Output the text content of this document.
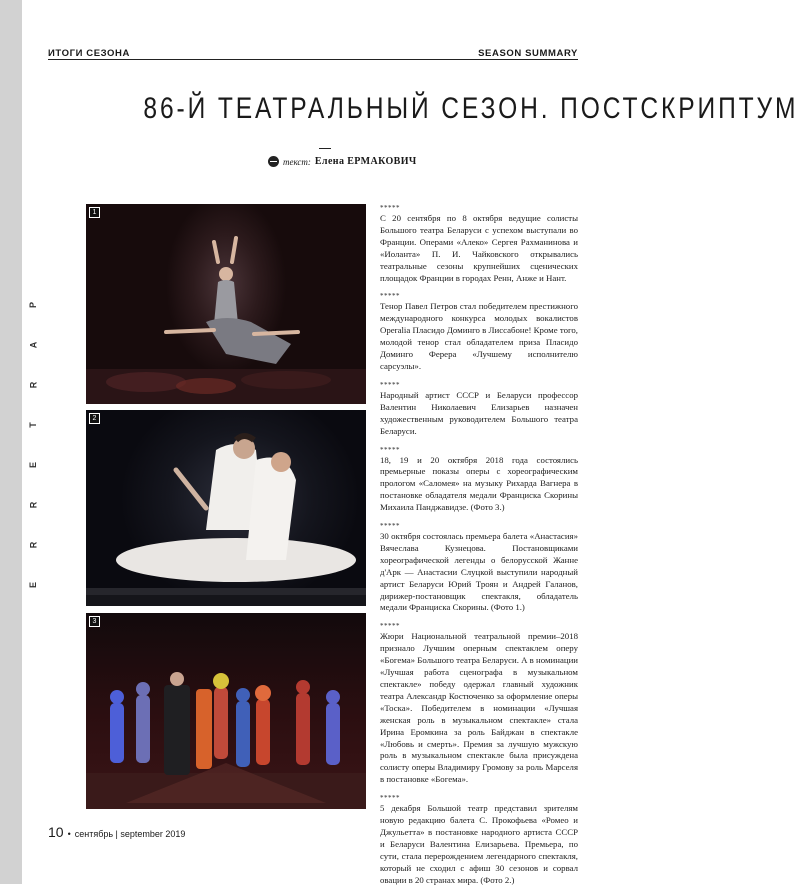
P
A
R
T
E
R
R
E
ИТОГИ СЕЗОНА	SEASON SUMMARY
86-Й ТЕАТРАЛЬНЫЙ СЕЗОН. ПОСТСКРИПТУМ
текст: Елена ЕРМАКОВИЧ
1
2
3
*****

С 20 сентября по 8 октября ведущие солисты Большого театра Беларуси с успехом выступали во Франции. Операми «Алеко» Сергея Рахманинова и «Иоланта» П. И. Чайковского открывались театральные сезоны крупнейших сценических площадок Франции в городах Ренн, Анже и Нант.

*****

Тенор Павел Петров стал победителем престижного международного конкурса молодых вокалистов Operalia Пласидо Доминго в Лиссабоне! Кроме того, молодой тенор стал обладателем приза Пласидо Доминго Ферера «Лучшему исполнителю сарсуэлы».

*****

Народный артист СССР и Беларуси профессор Валентин Николаевич Елизарьев назначен художественным руководителем Большого театра Беларуси.

*****

18, 19 и 20 октября 2018 года состоялись премьерные показы оперы с хореографическим прологом «Саломея» на музыку Рихарда Вагнера в постановке обладателя медали Франциска Скорины Михаила Панджавидзе. (Фото 3.)

*****

30 октября состоялась премьера балета «Анастасия» Вячеслава Кузнецова. Постановщиками хореографической легенды о белорусской Жанне д'Арк — Анастасии Слуцкой выступили народный артист Беларуси Юрий Троян и Андрей Галанов, дирижер-постановщик спектакля, обладатель медали Франциска Скорины. (Фото 1.)

*****

Жюри Национальной театральной премии–2018 признало Лучшим оперным спектаклем оперу «Богема» Большого театра Беларуси. А в номинации «Лучшая работа сценографа в музыкальном спектакле» победу одержал главный художник театра Александр Костюченко за оформление оперы «Тоска». Победителем в номинации «Лучшая женская роль в музыкальном спектакле» стала Ирина Еромкина за роль Байджан в спектакле «Любовь и смерть». Премия за лучшую мужскую роль в музыкальном спектакле была присуждена солисту оперы Владимиру Громову за роль Марселя в постановке «Богема».

*****

5 декабря Большой театр представил зрителям новую редакцию балета С. Прокофьева «Ромео и Джульетта» в постановке народного артиста СССР и Беларуси Валентина Елизарьева. Премьера, по сути, стала перерождением легендарного спектакля, который не сходил с афиш 30 сезонов и сорвал овации в 20 странах мира. (Фото 2.)

10 • сентябрь | september 2019
